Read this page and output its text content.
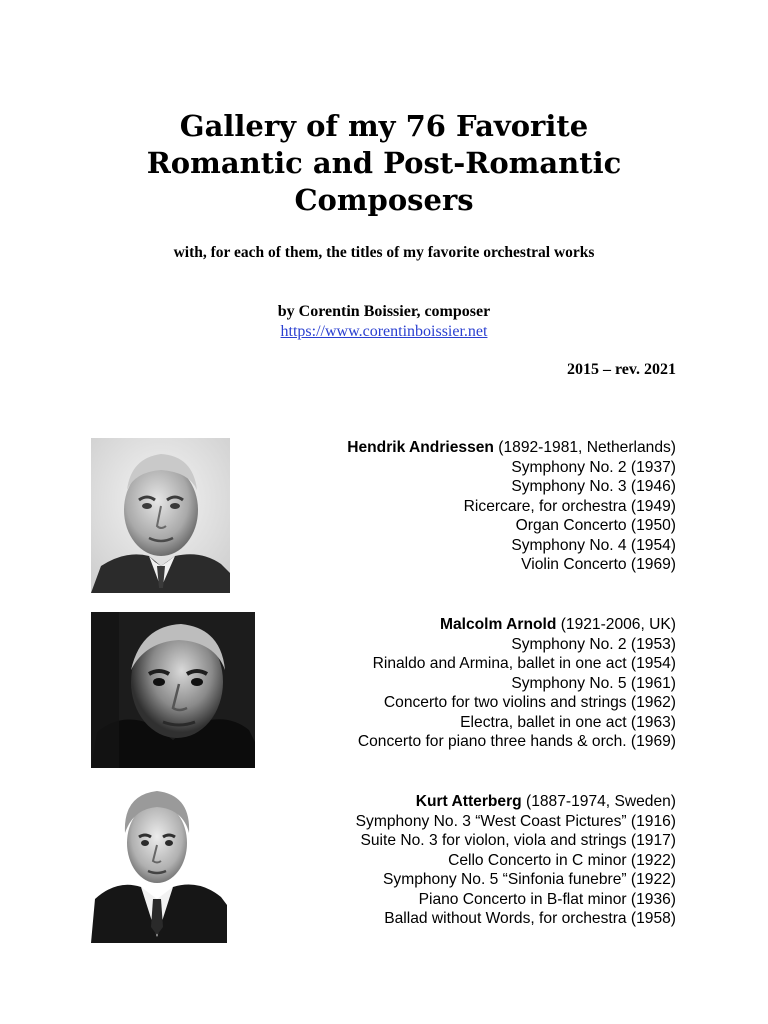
Gallery of my 76 Favorite
Romantic and Post-Romantic
Composers

with, for each of them, the titles of my favorite orchestral works

by Corentin Boissier, composer
https://www.corentinboissier.net
2015 – rev. 2021
Hendrik Andriessen (1892-1981, Netherlands)
Symphony No. 2 (1937)
Symphony No. 3 (1946)
Ricercare, for orchestra (1949)
Organ Concerto (1950)
Symphony No. 4 (1954)
Violin Concerto (1969)
Malcolm Arnold (1921-2006, UK)
Symphony No. 2 (1953)
Rinaldo and Armina, ballet in one act (1954)
Symphony No. 5 (1961)
Concerto for two violins and strings (1962)
Electra, ballet in one act (1963)
Concerto for piano three hands & orch. (1969)
Kurt Atterberg (1887-1974, Sweden)
Symphony No. 3 “West Coast Pictures” (1916)
Suite No. 3 for violon, viola and strings (1917)
Cello Concerto in C minor (1922)
Symphony No. 5 “Sinfonia funebre” (1922)
Piano Concerto in B-flat minor (1936)
Ballad without Words, for orchestra (1958)
